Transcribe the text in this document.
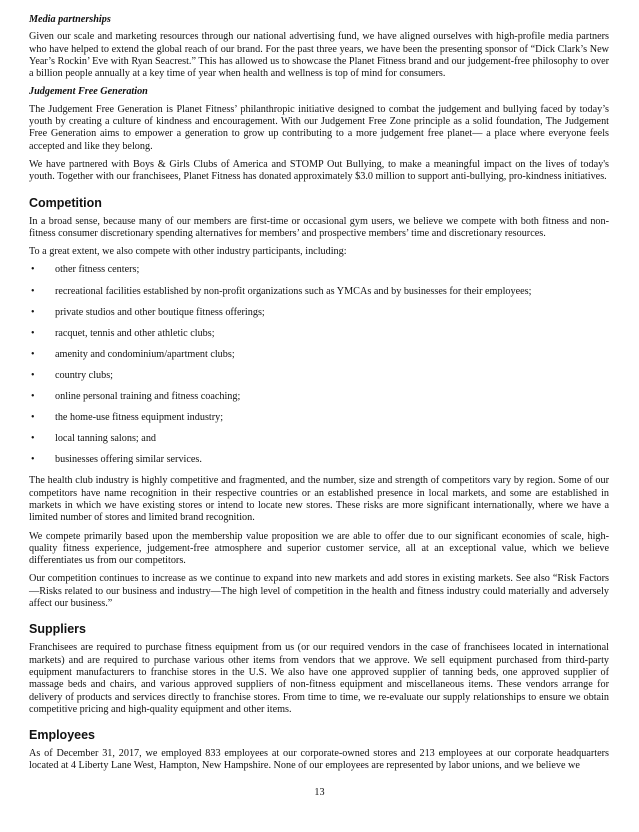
Media partnerships

Given our scale and marketing resources through our national advertising fund, we have aligned ourselves with high-profile media partners who have helped to extend the global reach of our brand. For the past three years, we have been the presenting sponsor of “Dick Clark’s New Year’s Rockin’ Eve with Ryan Seacrest.” This has allowed us to showcase the Planet Fitness brand and our judgement-free philosophy to over a billion people annually at a key time of year when health and wellness is top of mind for consumers.

Judgement Free Generation

The Judgement Free Generation is Planet Fitness’ philanthropic initiative designed to combat the judgement and bullying faced by today’s youth by creating a culture of kindness and encouragement. With our Judgement Free Zone principle as a solid foundation, The Judgement Free Generation aims to empower a generation to grow up contributing to a more judgement free planet— a place where everyone feels accepted and like they belong.

We have partnered with Boys & Girls Clubs of America and STOMP Out Bullying, to make a meaningful impact on the lives of today's youth. Together with our franchisees, Planet Fitness has donated approximately $3.0 million to support anti-bullying, pro-kindness initiatives.

Competition

In a broad sense, because many of our members are first-time or occasional gym users, we believe we compete with both fitness and non-fitness consumer discretionary spending alternatives for members’ and prospective members’ time and discretionary resources.

To a great extent, we also compete with other industry participants, including:

• other fitness centers;
• recreational facilities established by non-profit organizations such as YMCAs and by businesses for their employees;
• private studios and other boutique fitness offerings;
• racquet, tennis and other athletic clubs;
• amenity and condominium/apartment clubs;
• country clubs;
• online personal training and fitness coaching;
• the home-use fitness equipment industry;
• local tanning salons; and
• businesses offering similar services.

The health club industry is highly competitive and fragmented, and the number, size and strength of competitors vary by region. Some of our competitors have name recognition in their respective countries or an established presence in local markets, and some are established in markets in which we have existing stores or intend to locate new stores. These risks are more significant internationally, where we have a limited number of stores and limited brand recognition.

We compete primarily based upon the membership value proposition we are able to offer due to our significant economies of scale, high-quality fitness experience, judgement-free atmosphere and superior customer service, all at an exceptional value, which we believe differentiates us from our competitors.

Our competition continues to increase as we continue to expand into new markets and add stores in existing markets. See also “Risk Factors—Risks related to our business and industry—The high level of competition in the health and fitness industry could materially and adversely affect our business.”

Suppliers

Franchisees are required to purchase fitness equipment from us (or our required vendors in the case of franchisees located in international markets) and are required to purchase various other items from vendors that we approve. We sell equipment purchased from third-party equipment manufacturers to franchise stores in the U.S. We also have one approved supplier of tanning beds, one approved supplier of massage beds and chairs, and various approved suppliers of non-fitness equipment and miscellaneous items. These vendors arrange for delivery of products and services directly to franchise stores. From time to time, we re-evaluate our supply relationships to ensure we obtain competitive pricing and high-quality equipment and other items.

Employees

As of December 31, 2017, we employed 833 employees at our corporate-owned stores and 213 employees at our corporate headquarters located at 4 Liberty Lane West, Hampton, New Hampshire. None of our employees are represented by labor unions, and we believe we

13
